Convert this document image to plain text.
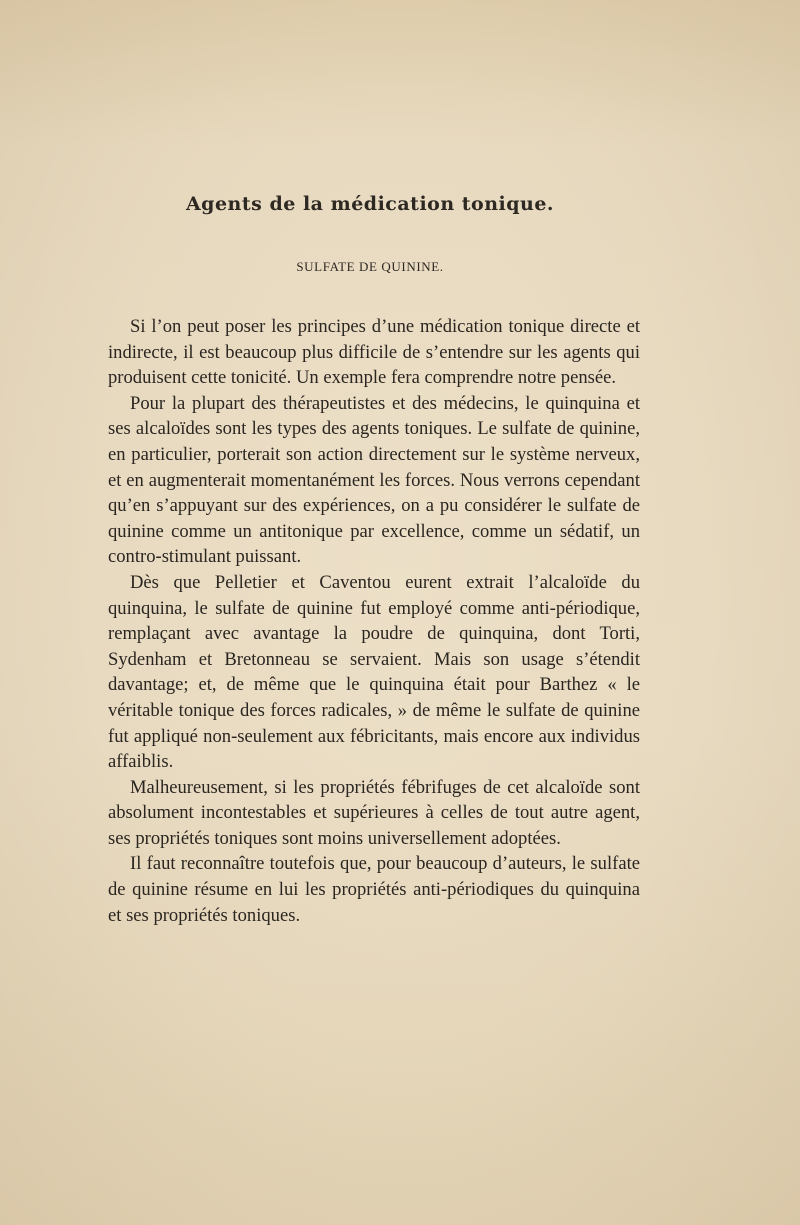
Agents de la médication tonique.
SULFATE DE QUININE.

Si l’on peut poser les principes d’une médication tonique directe et indirecte, il est beaucoup plus difficile de s’entendre sur les agents qui produisent cette tonicité. Un exemple fera comprendre notre pensée.

Pour la plupart des thérapeutistes et des médecins, le quinquina et ses alcaloïdes sont les types des agents toniques. Le sulfate de quinine, en particulier, porterait son action directement sur le système nerveux, et en augmenterait momentanément les forces. Nous verrons cependant qu’en s’appuyant sur des expériences, on a pu considérer le sulfate de quinine comme un antitonique par excellence, comme un sédatif, un contro-stimulant puissant.

Dès que Pelletier et Caventou eurent extrait l’alcaloïde du quinquina, le sulfate de quinine fut employé comme anti-périodique, remplaçant avec avantage la poudre de quinquina, dont Torti, Sydenham et Bretonneau se servaient. Mais son usage s’étendit davantage; et, de même que le quinquina était pour Barthez « le véritable tonique des forces radicales, » de même le sulfate de quinine fut appliqué non-seulement aux fébricitants, mais encore aux individus affaiblis.

Malheureusement, si les propriétés fébrifuges de cet alcaloïde sont absolument incontestables et supérieures à celles de tout autre agent, ses propriétés toniques sont moins universellement adoptées.

Il faut reconnaître toutefois que, pour beaucoup d’auteurs, le sulfate de quinine résume en lui les propriétés anti-périodiques du quinquina et ses propriétés toniques.
